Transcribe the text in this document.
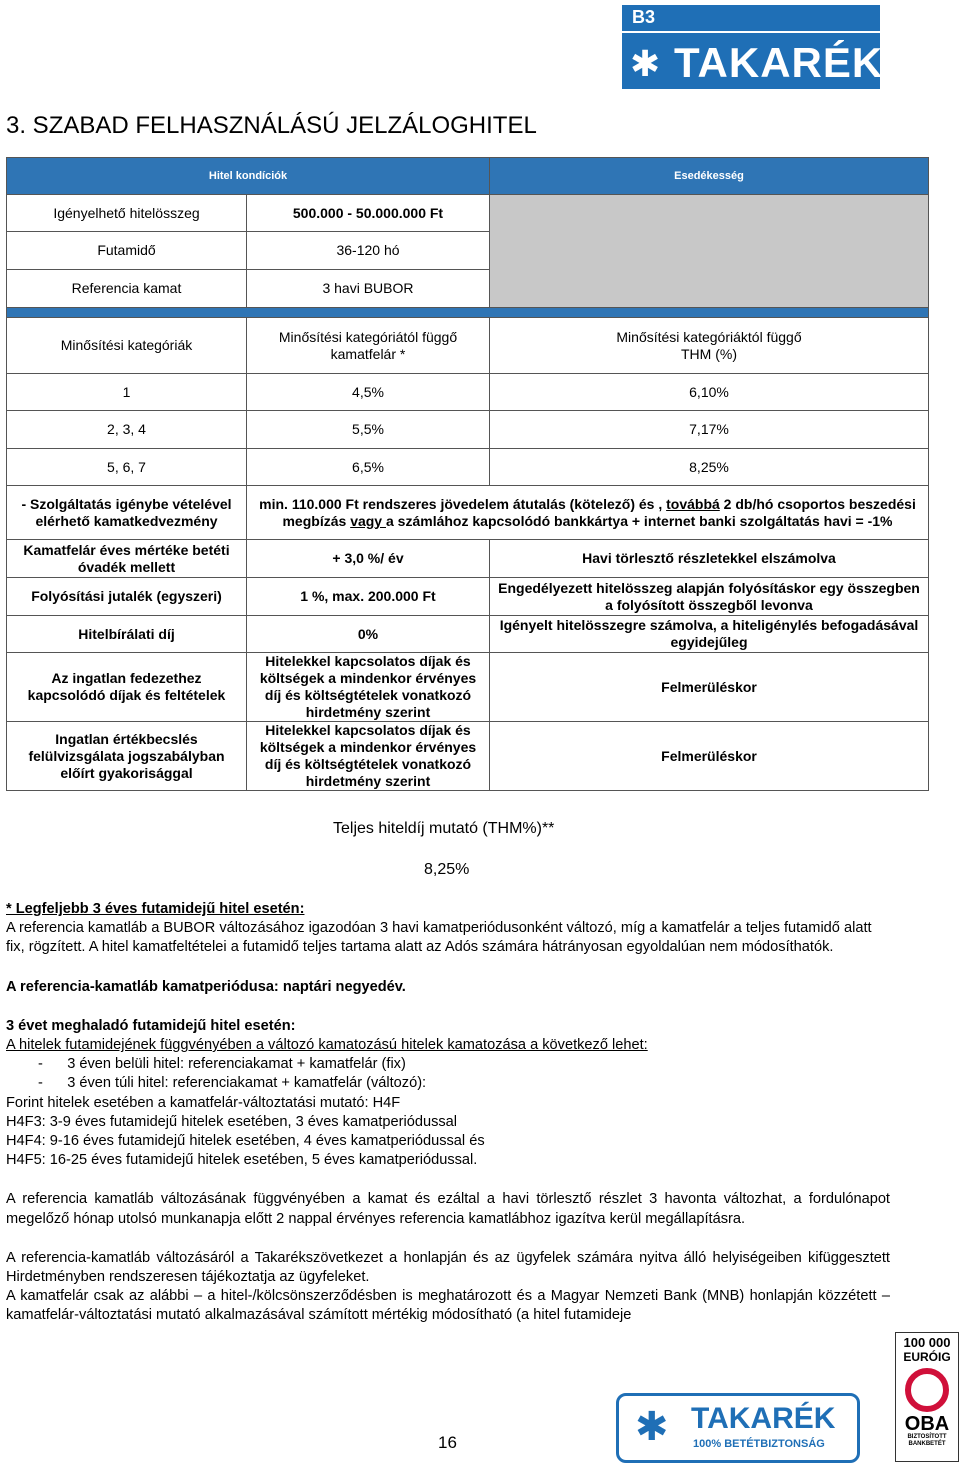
B3
✱ TAKARÉK
3. SZABAD FELHASZNÁLÁSÚ JELZÁLOGHITEL
Hitel kondíciók		Esedékesség
Igényelhető hitelösszeg	500.000 - 50.000.000 Ft	
Futamidő	36-120 hó	
Referencia kamat	3 havi BUBOR	

Minősítési kategóriák	Minősítési kategóriától függő kamatfelár *	Minősítési kategóriáktól függő
THM (%)
1	4,5%	6,10%
2, 3, 4	5,5%	7,17%
5, 6, 7	6,5%	8,25%
- Szolgáltatás igénybe vételével elérhető kamatkedvezmény	min. 110.000 Ft rendszeres jövedelem átutalás (kötelező) és , továbbá 2 db/hó csoportos beszedési megbízás vagy a számlához kapcsolódó bankkártya + internet banki szolgáltatás havi = -1%	
Kamatfelár éves mértéke betéti óvadék mellett	+ 3,0 %/ év	Havi törlesztő részletekkel elszámolva
Folyósítási jutalék (egyszeri)	1 %, max. 200.000 Ft	Engedélyezett hitelösszeg alapján folyósításkor egy összegben a folyósított összegből levonva
Hitelbírálati díj	0%	Igényelt hitelösszegre számolva, a hiteligénylés befogadásával egyidejűleg
Az ingatlan fedezethez kapcsolódó díjak és feltételek	Hitelekkel kapcsolatos díjak és költségek a mindenkor érvényes díj és költségtételek vonatkozó hirdetmény szerint	Felmerüléskor
Ingatlan értékbecslés felülvizsgálata jogszabályban előírt gyakorisággal	Hitelekkel kapcsolatos díjak és költségek a mindenkor érvényes díj és költségtételek vonatkozó hirdetmény szerint	Felmerüléskor
Teljes hiteldíj mutató (THM%)**
8,25%

* Legfeljebb 3 éves futamidejű hitel esetén:

A referencia kamatláb a BUBOR változásához igazodóan 3 havi kamatperiódusonként változó, míg a kamatfelár a teljes futamidő alatt fix, rögzített. A hitel kamatfeltételei a futamidő teljes tartama alatt az Adós számára hátrányosan egyoldalúan nem módosíthatók.

A referencia-kamatláb kamatperiódusa: naptári negyedév.

3 évet meghaladó futamidejű hitel esetén:

A hitelek futamidejének függvényében a változó kamatozású hitelek kamatozása a következő lehet:

-      3 éven belüli hitel: referenciakamat + kamatfelár (fix)

-      3 éven túli hitel: referenciakamat + kamatfelár (változó):

Forint hitelek esetében a kamatfelár-változtatási mutató: H4F

H4F3: 3-9 éves futamidejű hitelek esetében, 3 éves kamatperiódussal

H4F4: 9-16 éves futamidejű hitelek esetében, 4 éves kamatperiódussal és

H4F5: 16-25 éves futamidejű hitelek esetében, 5 éves kamatperiódussal.

A referencia kamatláb változásának függvényében a kamat és ezáltal a havi törlesztő részlet 3 havonta változhat, a fordulónapot megelőző hónap utolsó munkanapja előtt 2 nappal érvényes referencia kamatlábhoz igazítva kerül megállapításra.

A referencia-kamatláb változásáról a Takarékszövetkezet a honlapján és az ügyfelek számára nyitva álló helyiségeiben kifüggesztett Hirdetményben rendszeresen tájékoztatja az ügyfeleket.

A kamatfelár csak az alábbi – a hitel-/kölcsönszerződésben is meghatározott és a Magyar Nemzeti Bank (MNB) honlapján közzétett – kamatfelár-változtatási mutató alkalmazásával számított mértékig módosítható (a hitel futamideje

16	✱ TAKARÉK
100% BETÉTBIZTONSÁG
100 000
EURÓIG
OBA
BIZTOSÍTOTT BANKBETÉT
